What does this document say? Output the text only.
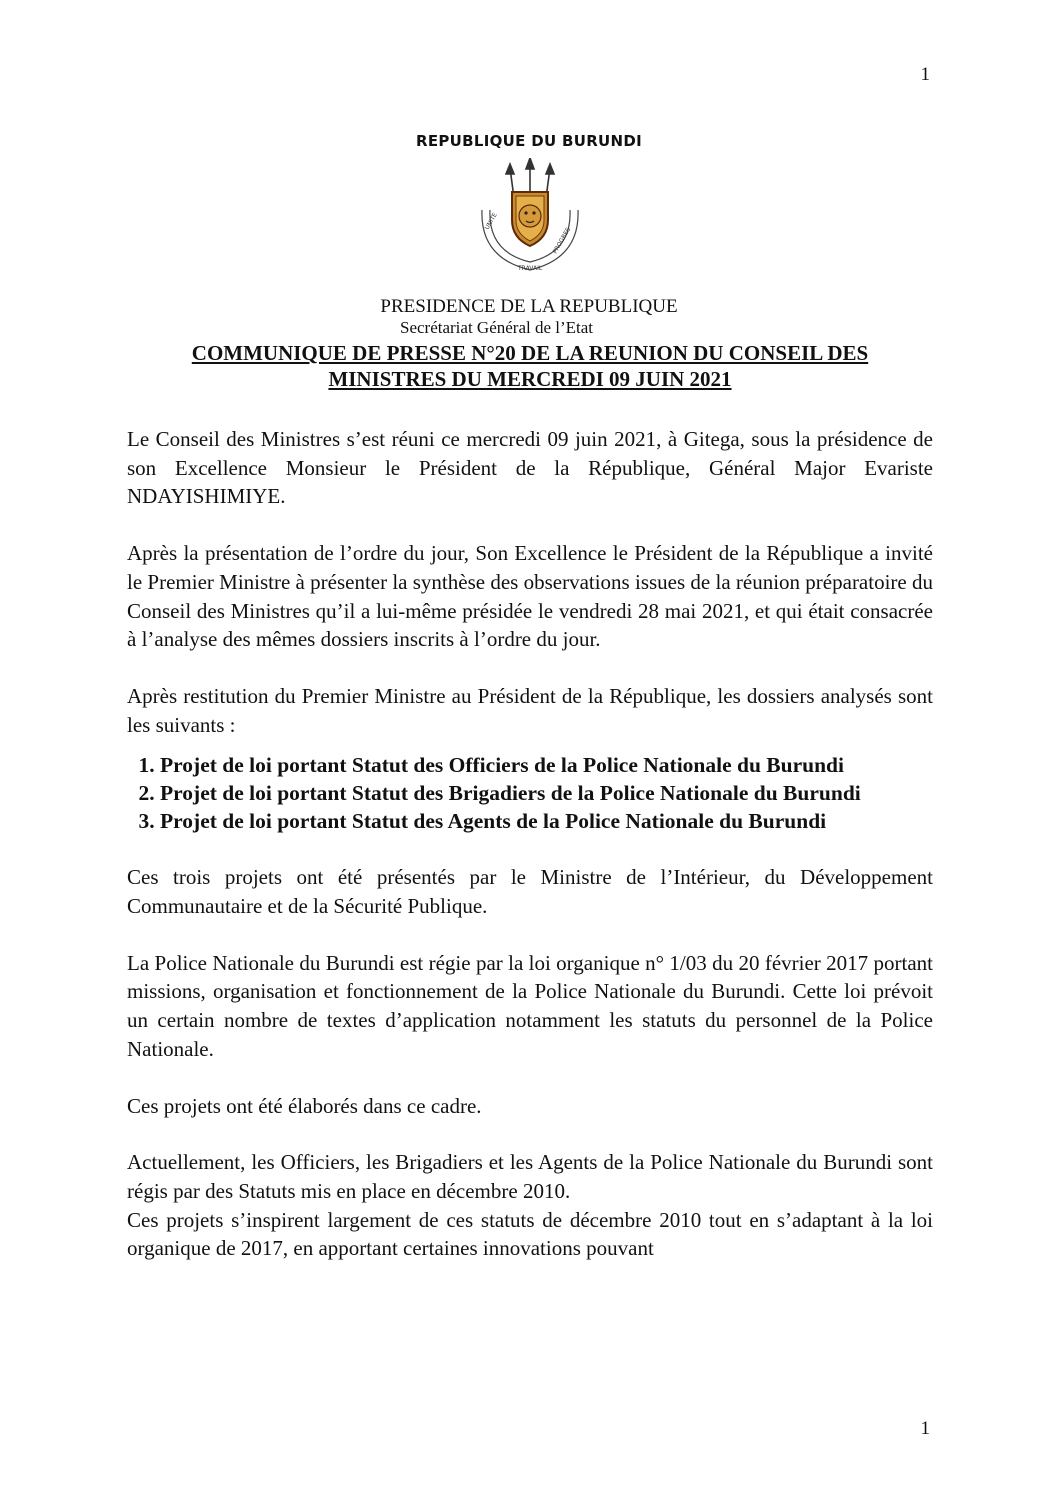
1
REPUBLIQUE DU BURUNDI
UNITE
TRAVAIL
PROGRES
PRESIDENCE DE LA REPUBLIQUE
Secrétariat Général de l’Etat
COMMUNIQUE DE PRESSE N°20 DE LA REUNION DU CONSEIL DES
MINISTRES DU MERCREDI 09 JUIN 2021

Le Conseil des Ministres s’est réuni ce mercredi 09 juin 2021, à Gitega, sous la présidence de son Excellence Monsieur le Président de la République, Général Major Evariste NDAYISHIMIYE.

Après la présentation de l’ordre du jour, Son Excellence le Président de la République a invité le Premier Ministre à présenter la synthèse des observations issues de la réunion préparatoire du Conseil des Ministres qu’il a lui-même présidée le vendredi 28 mai 2021, et qui était consacrée à l’analyse des mêmes dossiers inscrits à l’ordre du jour.

Après restitution du Premier Ministre au Président de la République, les dossiers analysés sont les suivants :

1. Projet de loi portant Statut des Officiers de la Police Nationale du Burundi
2. Projet de loi portant Statut des Brigadiers de la Police Nationale du Burundi
3. Projet de loi portant Statut des Agents de la Police Nationale du Burundi

Ces trois projets ont été présentés par le Ministre de l’Intérieur, du Développement Communautaire et de la Sécurité Publique.

La Police Nationale du Burundi est régie par la loi organique n° 1/03 du 20 février 2017 portant missions, organisation et fonctionnement de la Police Nationale du Burundi. Cette loi prévoit un certain nombre de textes d’application notamment les statuts du personnel de la Police Nationale.

Ces projets ont été élaborés dans ce cadre.

Actuellement, les Officiers, les Brigadiers et les Agents de la Police Nationale du Burundi sont régis par des Statuts mis en place en décembre 2010.

Ces projets s’inspirent largement de ces statuts de décembre 2010 tout en s’adaptant à la loi organique de 2017, en apportant certaines innovations pouvant

1
